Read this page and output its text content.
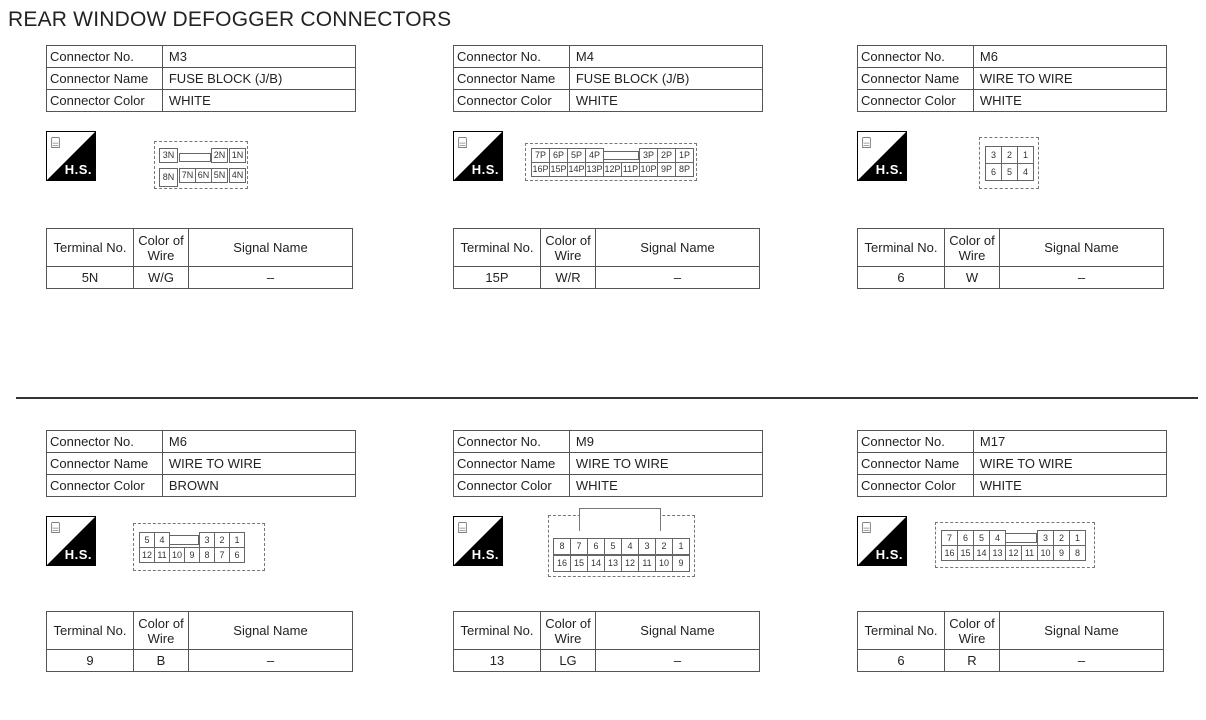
REAR WINDOW DEFOGGER CONNECTORS
Connector No.	M3
Connector Name	FUSE BLOCK (J/B)
Connector Color	WHITE
⌸
H.S.
3N	2N 1N
8N 7N 6N 5N 4N
Terminal No.	Color of Wire	Signal Name
5N	W/G	–
Connector No.	M4
Connector Name	FUSE BLOCK (J/B)
Connector Color	WHITE
⌸
H.S.
7P 6P 5P 4P	3P 2P 1P
16P 15P 14P 13P 12P 11P 10P 9P 8P
Terminal No.	Color of Wire	Signal Name
15P	W/R	–
Connector No.	M6
Connector Name	WIRE TO WIRE
Connector Color	WHITE
⌸
H.S.
3	2	1
6	5	4
Terminal No.	Color of Wire	Signal Name
6	W	–
Connector No.	M6
Connector Name	WIRE TO WIRE
Connector Color	BROWN
⌸
H.S.
5	4	3	2	1
12 11 10 9	8	7	6
Terminal No.	Color of Wire	Signal Name
9	B	–
Connector No.	M9
Connector Name	WIRE TO WIRE
Connector Color	WHITE
⌸
H.S.
8	7	6	5	4	3	2	1
16 15 14 13 12 11 10	9
Terminal No.	Color of Wire	Signal Name
13	LG	–
Connector No.	M17
Connector Name	WIRE TO WIRE
Connector Color	WHITE
⌸
H.S.
7	6	5	4	3	2	1
16 15 14 13 12 11 10 9	8
Terminal No.	Color of Wire	Signal Name
6	R	–
